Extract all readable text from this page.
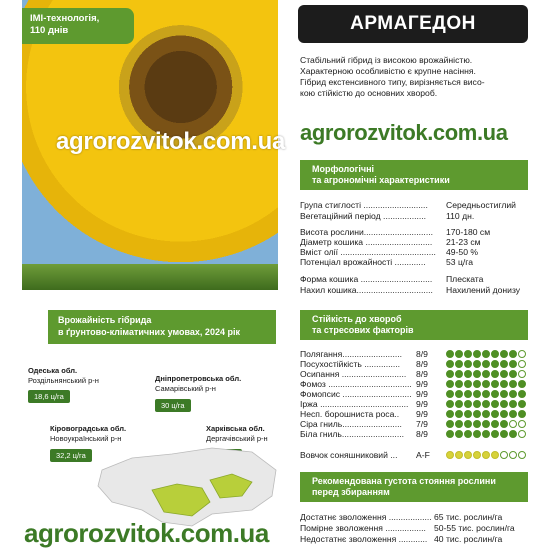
IMI-технологія,
110 днів
agrorozvitok.com.ua
АРМАГЕДОН
Стабільний гібрид із високою врожайністю.
Характерною особливістю є крупне насіння.
Гібрид екстенсивного типу, вирізняється висо-
кою стійкістю до основних хвороб.
agrorozvitok.com.ua
Морфологічні
та агрономічні характеристики
Група стиглості ........................... Середньостиглий
Вегетаційний період .................. 110 дн.
Висота рослини............................. 170-180 см
Діаметр кошика ............................ 21-23 см
Вміст олії ........................................ 49-50 %
Потенціал врожайності ............. 53 ц/га
Форма кошика .............................. Плеската
Нахил кошика................................ Нахилений донизу
Стійкість до хвороб
та стресових факторів
Полягання......................... 8/9
Посухостійкість ............... 8/9
Осипання ........................... 8/9
Фомоз ................................... 9/9
Фомопсис ............................. 9/9
Іржа ..................................... 9/9
Несп. борошниста роса.. 9/9
Сіра гниль......................... 7/9
Біла гниль.......................... 8/9
Вовчок соняшниковий ... A-F
Рекомендована густота стояння рослини
перед збиранням
Достатнє зволоження .................. 65 тис. рослин/га
Помірне зволоження ................. 50-55 тис. рослин/га
Недостатнє зволоження ............ 40 тис. рослин/га
Врожайність гібрида
в ґрунтово-кліматичних умовах, 2024 рік
Одеська обл.
Роздільнянський р-н
18,6 ц/га
Дніпропетровська обл.
Самарівський р-н
30 ц/га
Кіровоградська обл.
Новоукраїнський р-н
32,2 ц/га
Харківська обл.
Дергачівський р-н
agrorozvitok.com.ua
